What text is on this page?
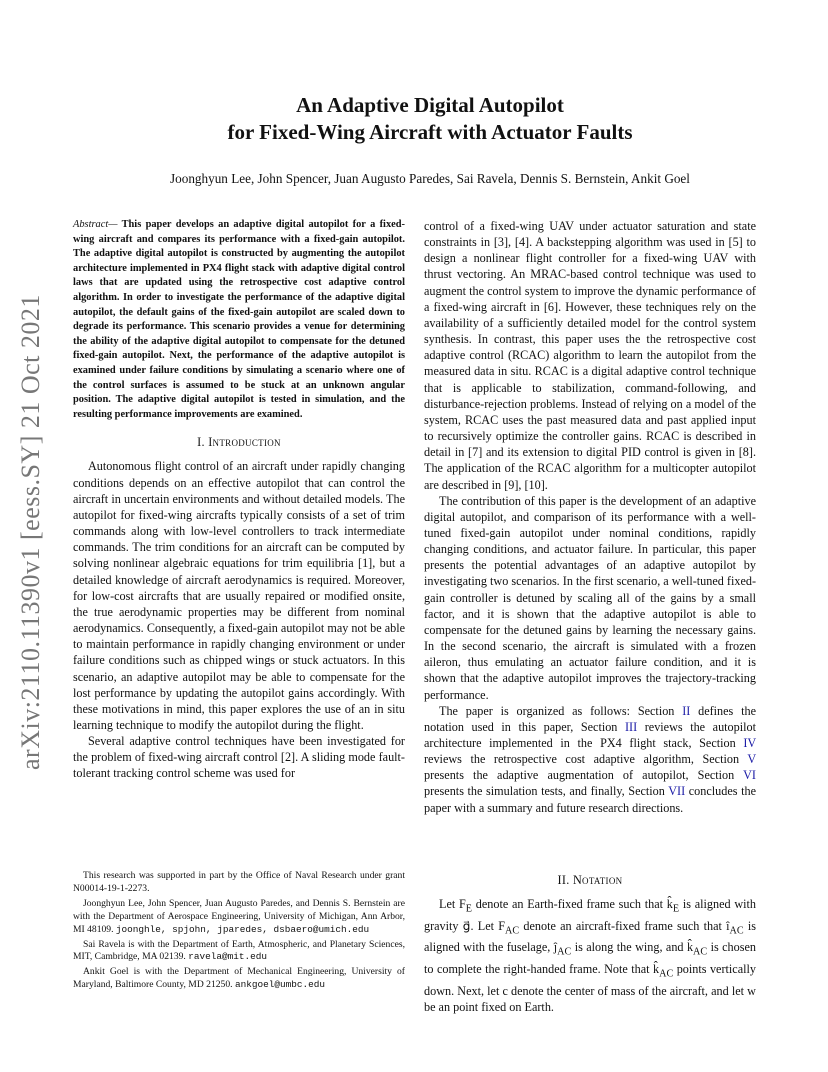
arXiv:2110.11390v1 [eess.SY] 21 Oct 2021
An Adaptive Digital Autopilot
for Fixed-Wing Aircraft with Actuator Faults
Joonghyun Lee, John Spencer, Juan Augusto Paredes, Sai Ravela, Dennis S. Bernstein, Ankit Goel
Abstract— This paper develops an adaptive digital autopilot for a fixed-wing aircraft and compares its performance with a fixed-gain autopilot. The adaptive digital autopilot is constructed by augmenting the autopilot architecture implemented in PX4 flight stack with adaptive digital control laws that are updated using the retrospective cost adaptive control algorithm. In order to investigate the performance of the adaptive digital autopilot, the default gains of the fixed-gain autopilot are scaled down to degrade its performance. This scenario provides a venue for determining the ability of the adaptive digital autopilot to compensate for the detuned fixed-gain autopilot. Next, the performance of the adaptive autopilot is examined under failure conditions by simulating a scenario where one of the control surfaces is assumed to be stuck at an unknown angular position. The adaptive digital autopilot is tested in simulation, and the resulting performance improvements are examined.
I. Introduction

Autonomous flight control of an aircraft under rapidly changing conditions depends on an effective autopilot that can control the aircraft in uncertain environments and without detailed models. The autopilot for fixed-wing aircrafts typically consists of a set of trim commands along with low-level controllers to track intermediate commands. The trim conditions for an aircraft can be computed by solving nonlinear algebraic equations for trim equilibria [1], but a detailed knowledge of aircraft aerodynamics is required. Moreover, for low-cost aircrafts that are usually repaired or modified onsite, the true aerodynamic properties may be different from nominal aerodynamics. Consequently, a fixed-gain autopilot may not be able to maintain performance in rapidly changing environment or under failure conditions such as chipped wings or stuck actuators. In this scenario, an adaptive autopilot may be able to compensate for the lost performance by updating the autopilot gains accordingly. With these motivations in mind, this paper explores the use of an in situ learning technique to modify the autopilot during the flight.

Several adaptive control techniques have been investigated for the problem of fixed-wing aircraft control [2]. A sliding mode fault-tolerant tracking control scheme was used for

This research was supported in part by the Office of Naval Research under grant N00014-19-1-2273.

Joonghyun Lee, John Spencer, Juan Augusto Paredes, and Dennis S. Bernstein are with the Department of Aerospace Engineering, University of Michigan, Ann Arbor, MI 48109. joonghle, spjohn, jparedes, dsbaero@umich.edu

Sai Ravela is with the Department of Earth, Atmospheric, and Planetary Sciences, MIT, Cambridge, MA 02139. ravela@mit.edu

Ankit Goel is with the Department of Mechanical Engineering, University of Maryland, Baltimore County, MD 21250. ankgoel@umbc.edu

control of a fixed-wing UAV under actuator saturation and state constraints in [3], [4]. A backstepping algorithm was used in [5] to design a nonlinear flight controller for a fixed-wing UAV with thrust vectoring. An MRAC-based control technique was used to augment the control system to improve the dynamic performance of a fixed-wing aircraft in [6]. However, these techniques rely on the availability of a sufficiently detailed model for the control system synthesis. In contrast, this paper uses the the retrospective cost adaptive control (RCAC) algorithm to learn the autopilot from the measured data in situ. RCAC is a digital adaptive control technique that is applicable to stabilization, command-following, and disturbance-rejection problems. Instead of relying on a model of the system, RCAC uses the past measured data and past applied input to recursively optimize the controller gains. RCAC is described in detail in [7] and its extension to digital PID control is given in [8]. The application of the RCAC algorithm for a multicopter autopilot are described in [9], [10].

The contribution of this paper is the development of an adaptive digital autopilot, and comparison of its performance with a well-tuned fixed-gain autopilot under nominal conditions, rapidly changing conditions, and actuator failure. In particular, this paper presents the potential advantages of an adaptive autopilot by investigating two scenarios. In the first scenario, a well-tuned fixed-gain controller is detuned by scaling all of the gains by a small factor, and it is shown that the adaptive autopilot is able to compensate for the detuned gains by learning the necessary gains. In the second scenario, the aircraft is simulated with a frozen aileron, thus emulating an actuator failure condition, and it is shown that the adaptive autopilot improves the trajectory-tracking performance.

The paper is organized as follows: Section II defines the notation used in this paper, Section III reviews the autopilot architecture implemented in the PX4 flight stack, Section IV reviews the retrospective cost adaptive algorithm, Section V presents the adaptive augmentation of autopilot, Section VI presents the simulation tests, and finally, Section VII concludes the paper with a summary and future research directions.

II. Notation

Let $F_E$ denote an Earth-fixed frame such that $k̂_E$ is aligned with gravity g⃗. Let $F_{AC}$ denote an aircraft-fixed frame such that $î_{AC}$ is aligned with the fuselage, $ĵ_{AC}$ is along the wing, and $k̂_{AC}$ is chosen to complete the right-handed frame. Note that $k̂_{AC}$ points vertically down. Next, let c denote the center of mass of the aircraft, and let w be an point fixed on Earth.
